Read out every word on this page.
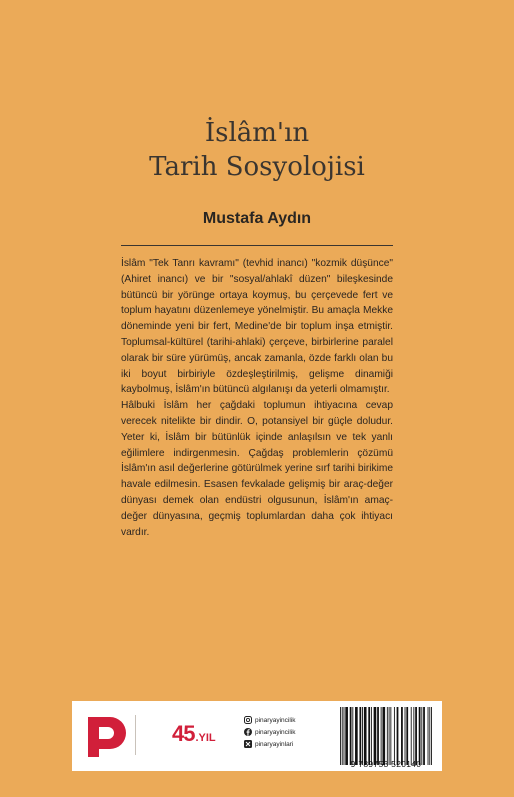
İslâm'ın
Tarih Sosyolojisi
Mustafa Aydın

İslâm "Tek Tanrı kavramı" (tevhid inancı) "kozmik düşünce" (Ahiret inancı) ve bir "sosyal/ahlakî düzen" bileşkesinde bütüncü bir yörünge ortaya koymuş, bu çerçevede fert ve toplum hayatını düzenlemeye yönelmiştir. Bu amaçla Mekke döneminde yeni bir fert, Medine'de bir toplum inşa etmiştir. Toplumsal-kültürel (tarihi-ahlaki) çerçeve, birbirlerine paralel olarak bir süre yürümüş, ancak zamanla, özde farklı olan bu iki boyut birbiriyle özdeşleştirilmiş, gelişme dinamiği kaybolmuş, İslâm'ın bütüncü algılanışı da yeterli olmamıştır.

Hâlbuki İslâm her çağdaki toplumun ihtiyacına cevap verecek nitelikte bir dindir. O, potansiyel bir güçle doludur. Yeter ki, İslâm bir bütünlük içinde anlaşılsın ve tek yanlı eğilimlere indirgenmesin. Çağdaş problemlerin çözümü İslâm'ın asıl değerlerine götürülmek yerine sırf tarihi birikime havale edilmesin. Esasen fevkalade gelişmiş bir araç-değer dünyası demek olan endüstri olgusunun, İslâm'ın amaç-değer dünyasına, geçmiş toplumlardan daha çok ihtiyacı vardır.

45.YIL
pinaryayincilik
pinaryayincilik
pinaryayinlari
9 789753 520140
